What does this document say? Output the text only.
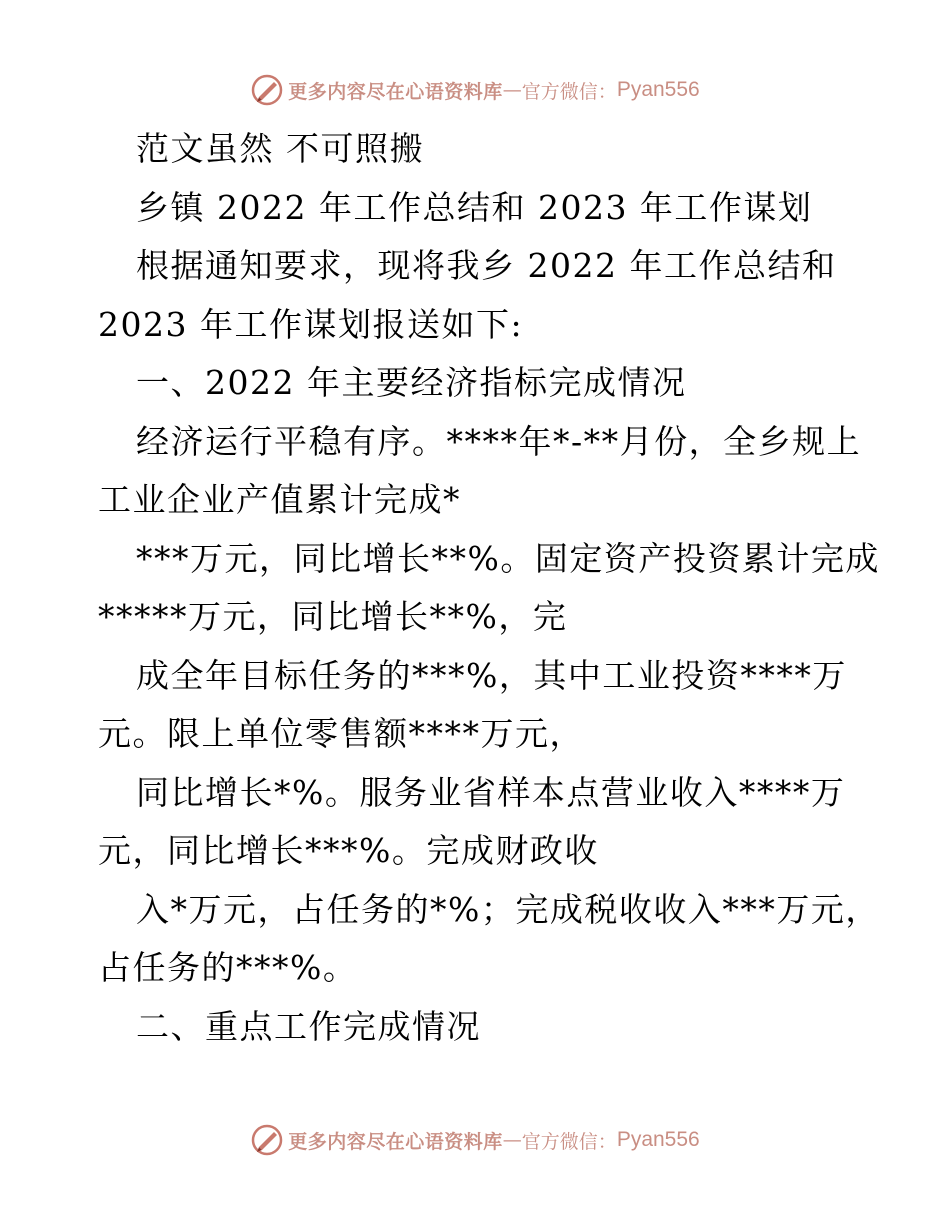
更多内容尽在心语资料库 — 官方微信： Pyan556
范文虽然 不可照搬
乡镇 2022 年工作总结和 2023 年工作谋划
根据通知要求，现将我乡 2022 年工作总结和
2023 年工作谋划报送如下:
一、2022 年主要经济指标完成情况
经济运行平稳有序。****年*-**月份，全乡规上
工业企业产值累计完成*
***万元，同比增长**%。固定资产投资累计完成
*****万元，同比增长**%，完
成全年目标任务的***%，其中工业投资****万
元。限上单位零售额****万元，
同比增长*%。服务业省样本点营业收入****万
元，同比增长***%。完成财政收
入*万元，占任务的*%；完成税收收入***万元，
占任务的***%。
二、重点工作完成情况
更多内容尽在心语资料库 — 官方微信： Pyan556
